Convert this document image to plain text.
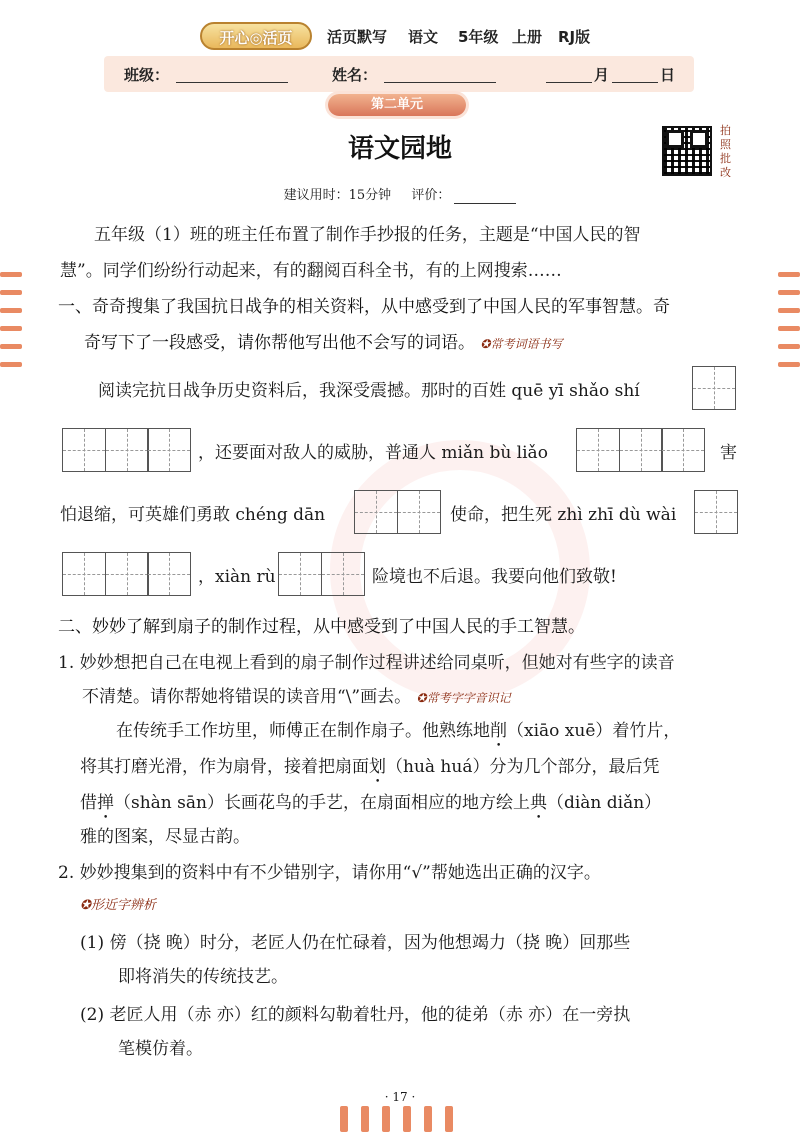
开心◎活页	活页默写 语文 5年级 上册 RJ版
班级：	姓名：	月	日
第二单元
语文园地
拍照批改
建议用时：15分钟 评价：
五年级（1）班的班主任布置了制作手抄报的任务，主题是“中国人民的智
慧”。同学们纷纷行动起来，有的翻阅百科全书，有的上网搜索……
一、奇奇搜集了我国抗日战争的相关资料，从中感受到了中国人民的军事智慧。奇
奇写下了一段感受，请你帮他写出他不会写的词语。 ✪常考词语书写
阅读完抗日战争历史资料后，我深受震撼。那时的百姓 quē yī shǎo shí
，还要面对敌人的威胁，普通人 miǎn bù liǎo	害
怕退缩，可英雄们勇敢 chéng dān	使命，把生死 zhì zhī dù wài
，xiàn rù	险境也不后退。我要向他们致敬!
二、妙妙了解到扇子的制作过程，从中感受到了中国人民的手工智慧。
1. 妙妙想把自己在电视上看到的扇子制作过程讲述给同桌听，但她对有些字的读音
不清楚。请你帮她将错误的读音用“\”画去。 ✪常考字字音识记
在传统手工作坊里，师傅正在制作扇子。他熟练地削（xiāo xuē）着竹片，
将其打磨光滑，作为扇骨，接着把扇面划（huà huá）分为几个部分，最后凭
借掸（shàn sān）长画花鸟的手艺，在扇面相应的地方绘上典（diàn diǎn）
雅的图案，尽显古韵。
2. 妙妙搜集到的资料中有不少错别字，请你用“√”帮她选出正确的汉字。
✪形近字辨析
(1) 傍（挠 晚）时分，老匠人仍在忙碌着，因为他想竭力（挠 晚）回那些
即将消失的传统技艺。
(2) 老匠人用（赤 亦）红的颜料勾勒着牡丹，他的徒弟（赤 亦）在一旁执
笔模仿着。
· 17 ·
